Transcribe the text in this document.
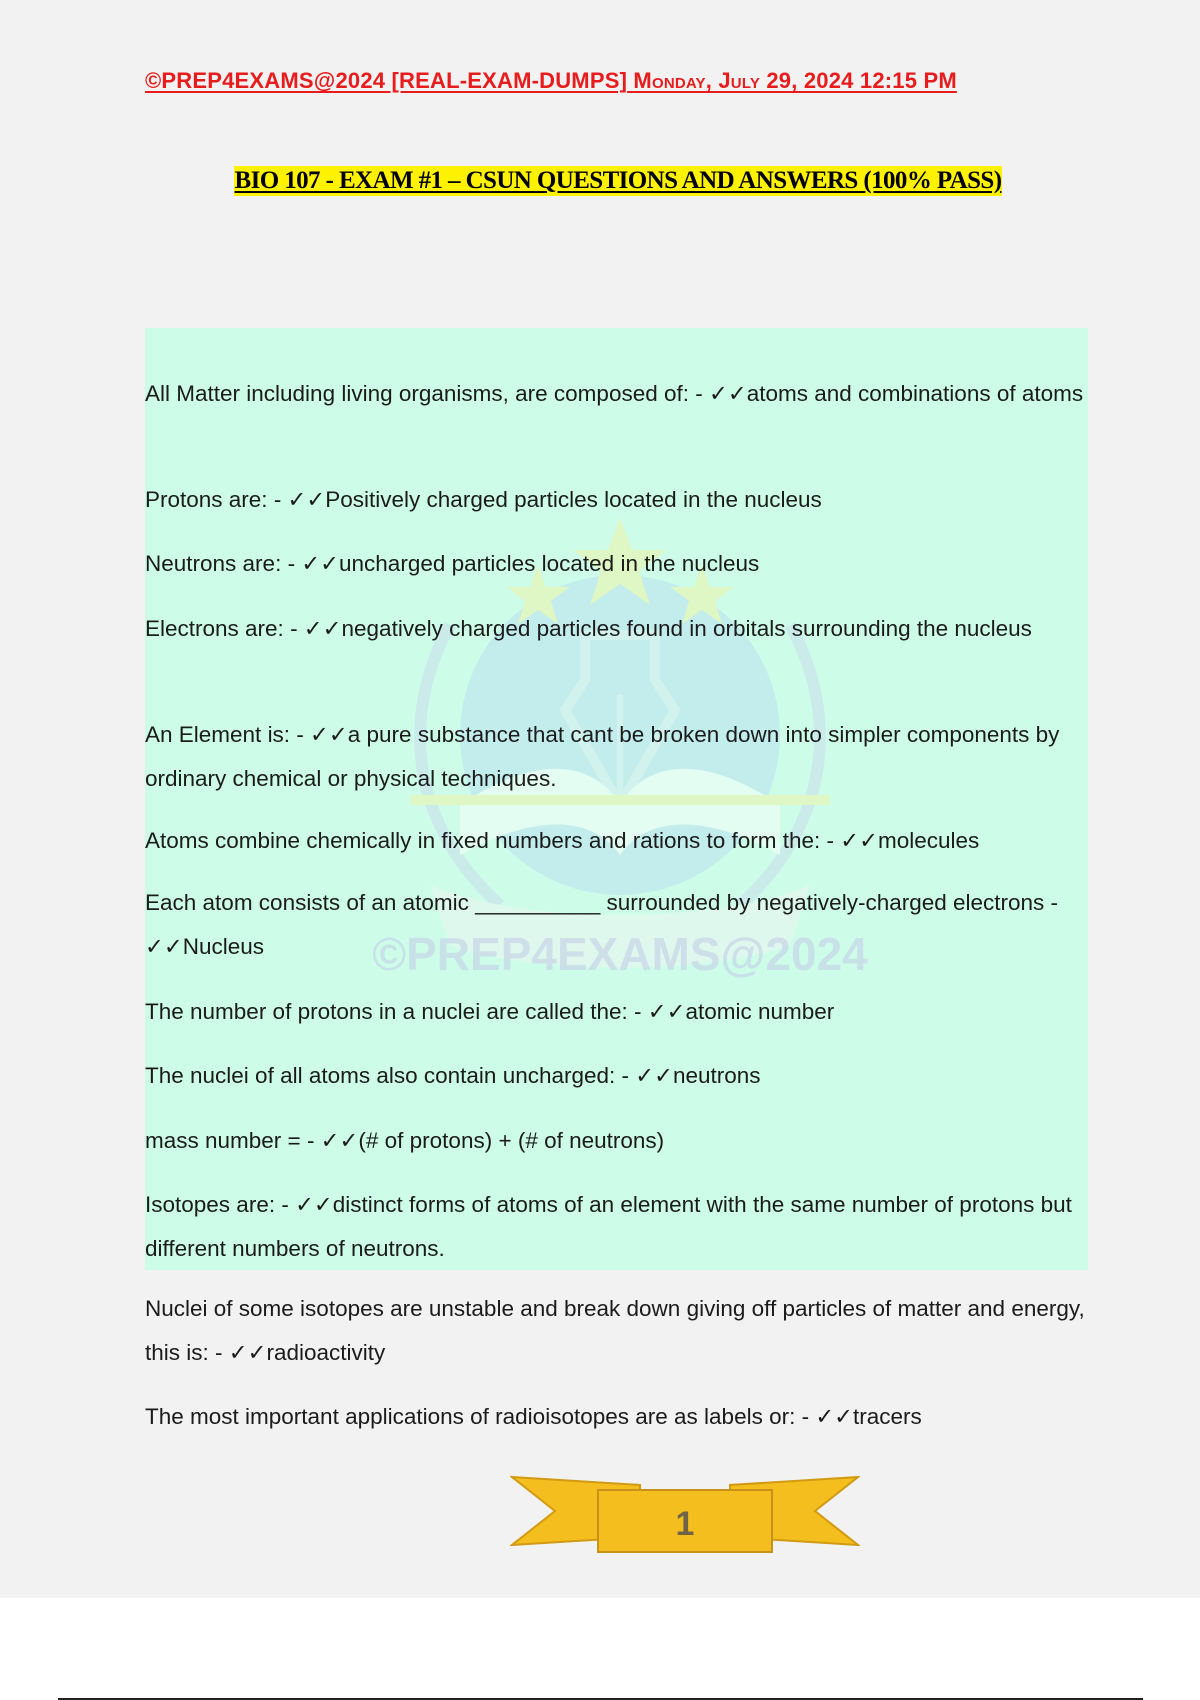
©PREP4EXAMS@2024 [REAL-EXAM-DUMPS] Monday, July 29, 2024 12:15 PM
BIO 107 - EXAM #1 – CSUN QUESTIONS AND ANSWERS (100% PASS)
©PREP4EXAMS@2024
All Matter including living organisms, are composed of: - ✓✓atoms and combinations of atoms
Protons are: - ✓✓Positively charged particles located in the nucleus
Neutrons are: - ✓✓uncharged particles located in the nucleus
Electrons are: - ✓✓negatively charged particles found in orbitals surrounding the nucleus
An Element is: - ✓✓a pure substance that cant be broken down into simpler components by ordinary chemical or physical techniques.
Atoms combine chemically in fixed numbers and rations to form the: - ✓✓molecules
Each atom consists of an atomic __________ surrounded by negatively-charged electrons - ✓✓Nucleus
The number of protons in a nuclei are called the: - ✓✓atomic number
The nuclei of all atoms also contain uncharged: - ✓✓neutrons
mass number = - ✓✓(# of protons) + (# of neutrons)
Isotopes are: - ✓✓distinct forms of atoms of an element with the same number of protons but different numbers of neutrons.
Nuclei of some isotopes are unstable and break down giving off particles of matter and energy, this is: - ✓✓radioactivity
The most important applications of radioisotopes are as labels or: - ✓✓tracers
1
